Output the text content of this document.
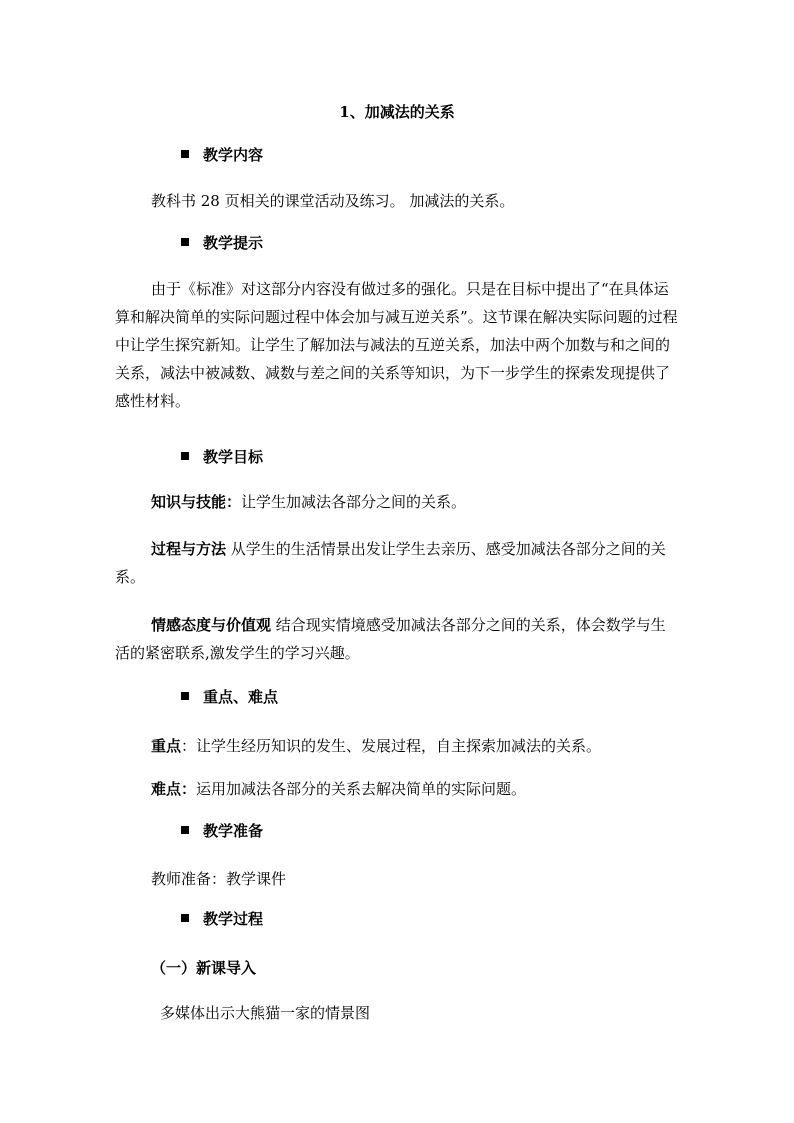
1、加减法的关系
教学内容
教科书 28 页相关的课堂活动及练习。 加减法的关系。
教学提示
由于《标准》对这部分内容没有做过多的强化。只是在目标中提出了“在具体运算和解决简单的实际问题过程中体会加与减互逆关系”。这节课在解决实际问题的过程中让学生探究新知。让学生了解加法与减法的互逆关系，加法中两个加数与和之间的关系，减法中被减数、减数与差之间的关系等知识，为下一步学生的探索发现提供了感性材料。
教学目标
知识与技能：让学生加减法各部分之间的关系。
过程与方法 从学生的生活情景出发让学生去亲历、感受加减法各部分之间的关系。
情感态度与价值观 结合现实情境感受加减法各部分之间的关系，体会数学与生活的紧密联系,激发学生的学习兴趣。
重点、难点
重点：让学生经历知识的发生、发展过程，自主探索加减法的关系。
难点：运用加减法各部分的关系去解决简单的实际问题。
教学准备
教师准备：教学课件
教学过程
（一）新课导入
多媒体出示大熊猫一家的情景图
